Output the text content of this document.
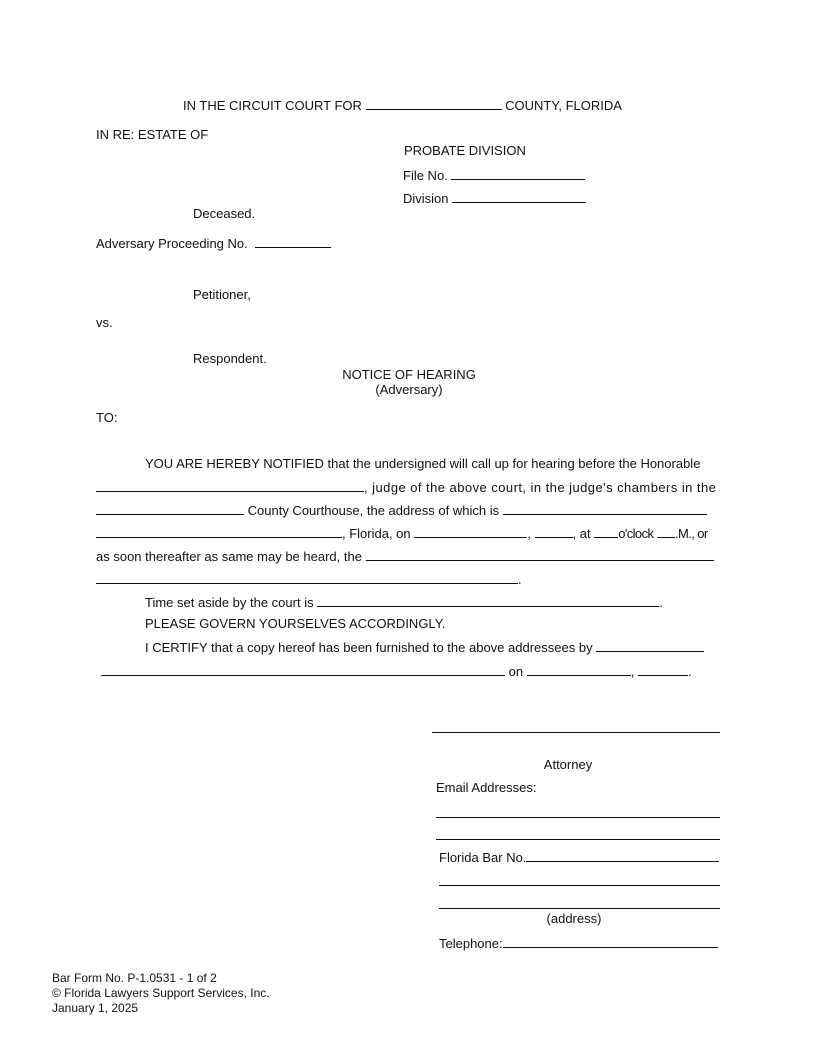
IN THE CIRCUIT COURT FOR	COUNTY, FLORIDA
IN RE: ESTATE OF
PROBATE DIVISION
File No.
Division
Deceased.
Adversary Proceeding No.
Petitioner,
vs.
Respondent.
NOTICE OF HEARING
(Adversary)
TO:
YOU ARE HEREBY NOTIFIED that the undersigned will call up for hearing before the Honorable
, judge of the above court, in the judge's chambers in the
County Courthouse, the address of which is
, Florida, on	,	, at o'clock .M., or
as soon thereafter as same may be heard, the
.
Time set aside by the court is	.
PLEASE GOVERN YOURSELVES ACCORDINGLY.
I CERTIFY that a copy hereof has been furnished to the above addressees by
on	,	.
Attorney
Email Addresses:
Florida Bar No.
(address)
Telephone:
Bar Form No. P-1.0531 - 1 of 2
© Florida Lawyers Support Services, Inc.
January 1, 2025
